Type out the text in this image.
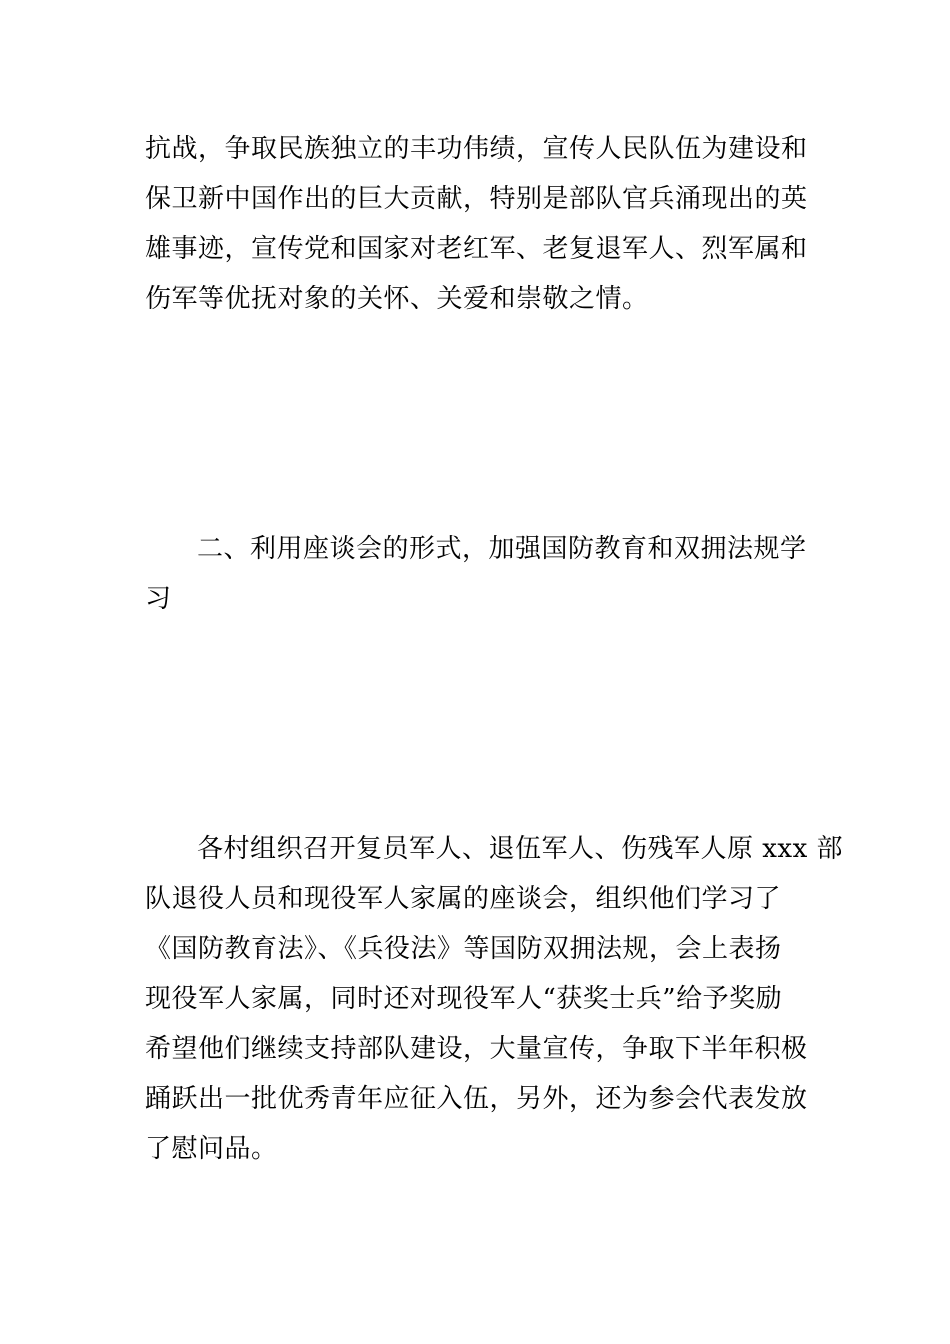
抗战，争取民族独立的丰功伟绩，宣传人民队伍为建设和
保卫新中国作出的巨大贡献，特别是部队官兵涌现出的英
雄事迹，宣传党和国家对老红军、老复退军人、烈军属和
伤军等优抚对象的关怀、关爱和崇敬之情。
二、利用座谈会的形式，加强国防教育和双拥法规学
习
各村组织召开复员军人、退伍军人、伤残军人原 xxx 部
队退役人员和现役军人家属的座谈会，组织他们学习了
《国防教育法》、《兵役法》等国防双拥法规，会上表扬
现役军人家属，同时还对现役军人“获奖士兵”给予奖励
希望他们继续支持部队建设，大量宣传，争取下半年积极
踊跃出一批优秀青年应征入伍，另外，还为参会代表发放
了慰问品。
